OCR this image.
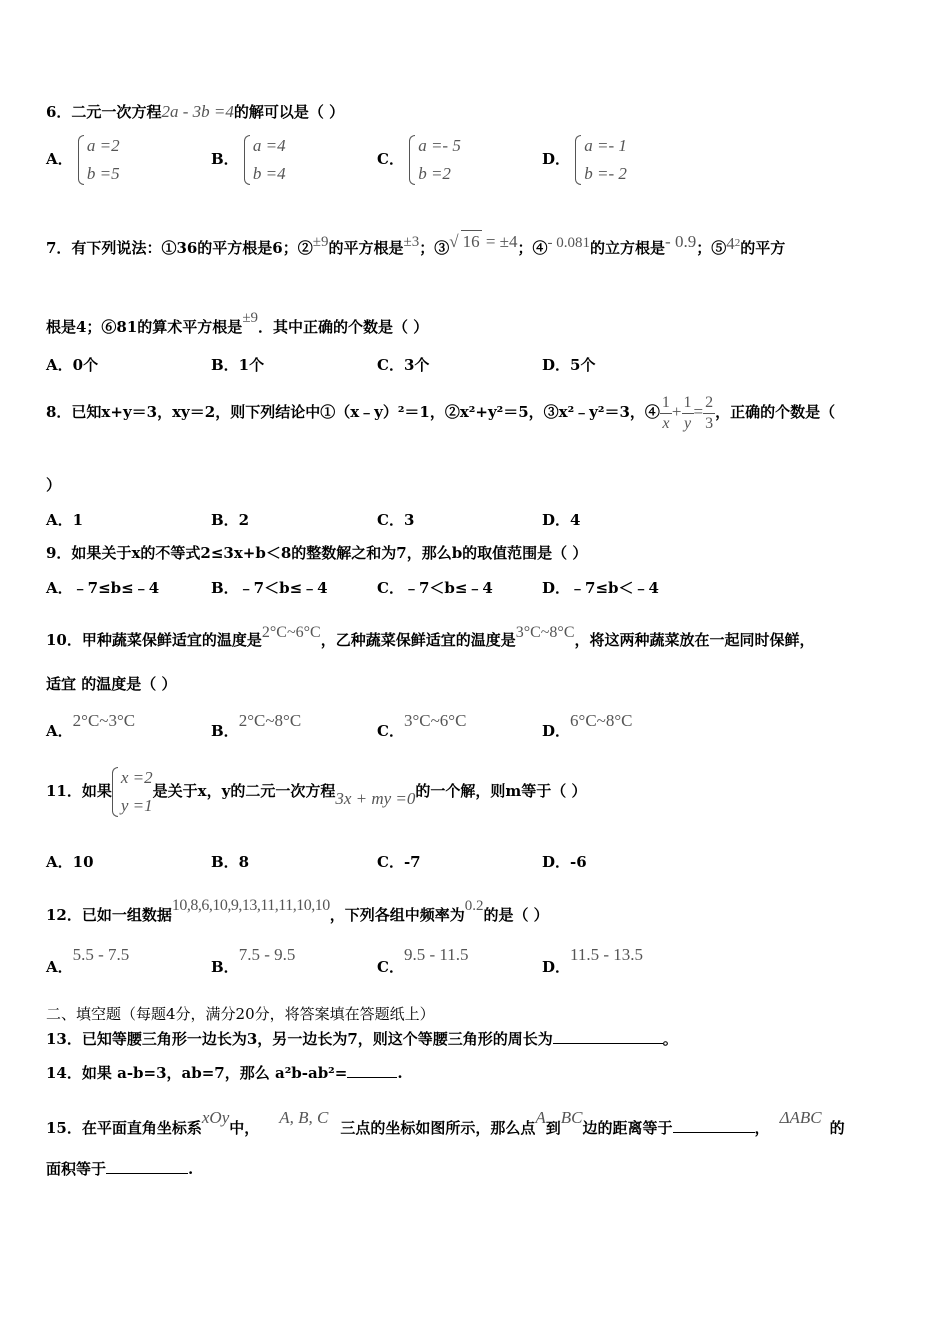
6．二元一次方程2a - 3b =4的解可以是（ ）
A．
a =2
b =5
B．
a =4
b =4
C．
a =- 5
b =2
D．
a =- 1
b =- 2
7．有下列说法：①36的平方根是6；②±9的平方根是±3；③√ 16 = ±4；④- 0.081的立方根是- 0.9；$⑤4^2$的平方
根是4；⑥81的算术平方根是±9．其中正确的个数是（ ）
A．0个	B．1个	C．3个	D．5个
8．已知x+y＝3，xy＝2，则下列结论中①（x﹣y）²＝1，②x²+y²＝5，③x²﹣y²＝3，④ $\frac{1}{x} + \frac{1}{y} = \frac{2}{3}$ ，正确的个数是（
）
A．1	B．2	C．3	D．4
9．如果关于x的不等式2≤3x+b＜8的整数解之和为7，那么b的取值范围是（ ）
A．﹣7≤b≤﹣4	B．﹣7＜b≤﹣4	C．﹣7＜b≤﹣4	D．﹣7≤b＜﹣4
10．甲种蔬菜保鲜适宜的温度是2°C~6°C，乙种蔬菜保鲜适宜的温度是3°C~8°C，将这两种蔬菜放在一起同时保鲜，
适宜 的温度是（ ）
A．2°C~3°C
B．2°C~8°C
C．3°C~6°C
D．6°C~8°C
11．如果
x =2
y =1
是关于x，y的二元一次方程3x + my =0的一个解，则m等于（ ）
A．10	B．8	C．-7	D．-6
12．已如一组数据10,8,6,10,9,13,11,11,10,10，下列各组中频率为0.2的是（ ）
A．5.5 - 7.5
B．7.5 - 9.5
C．9.5 - 11.5
D．11.5 - 13.5
二、填空题（每题4分，满分20分，将答案填在答题纸上）
13．已知等腰三角形一边长为3，另一边长为7，则这个等腰三角形的周长为	。
14．如果 a-b=3，ab=7，那么 a²b-ab²=	.
15．在平面直角坐标系xOy中，A, B, C三点的坐标如图所示，那么点A到BC边的距离等于	，ΔABC的
面积等于	.
